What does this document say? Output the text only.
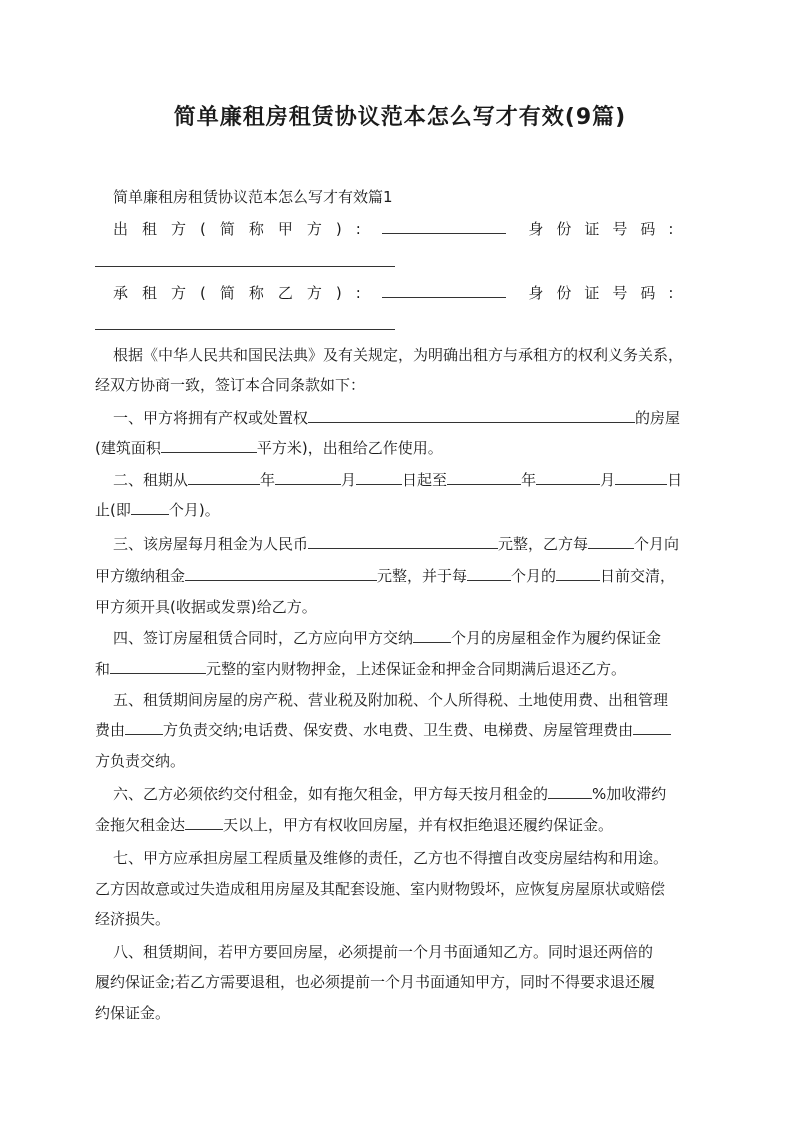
简单廉租房租赁协议范本怎么写才有效(9篇)
简单廉租房租赁协议范本怎么写才有效篇1
出租方(简称甲方):	身份证号码:
承租方(简称乙方):	身份证号码:
根据《中华人民共和国民法典》及有关规定，为明确出租方与承租方的权利义务关系，
经双方协商一致，签订本合同条款如下：
一、甲方将拥有产权或处置权	的房屋
(建筑面积	平方米)，出租给乙作使用。
二、租期从	年	月	日起至	年	月	日
止(即	个月)。
三、该房屋每月租金为人民币	元整，乙方每	个月向
甲方缴纳租金	元整，并于每	个月的	日前交清，
甲方须开具(收据或发票)给乙方。
四、签订房屋租赁合同时，乙方应向甲方交纳	个月的房屋租金作为履约保证金
和	元整的室内财物押金，上述保证金和押金合同期满后退还乙方。
五、租赁期间房屋的房产税、营业税及附加税、个人所得税、土地使用费、出租管理
费由	方负责交纳;电话费、保安费、水电费、卫生费、电梯费、房屋管理费由
方负责交纳。
六、乙方必须依约交付租金，如有拖欠租金，甲方每天按月租金的	%加收滞约
金拖欠租金达	天以上，甲方有权收回房屋，并有权拒绝退还履约保证金。
七、甲方应承担房屋工程质量及维修的责任，乙方也不得擅自改变房屋结构和用途。
乙方因故意或过失造成租用房屋及其配套设施、室内财物毁坏，应恢复房屋原状或赔偿
经济损失。
八、租赁期间，若甲方要回房屋，必须提前一个月书面通知乙方。同时退还两倍的
履约保证金;若乙方需要退租，也必须提前一个月书面通知甲方，同时不得要求退还履
约保证金。
